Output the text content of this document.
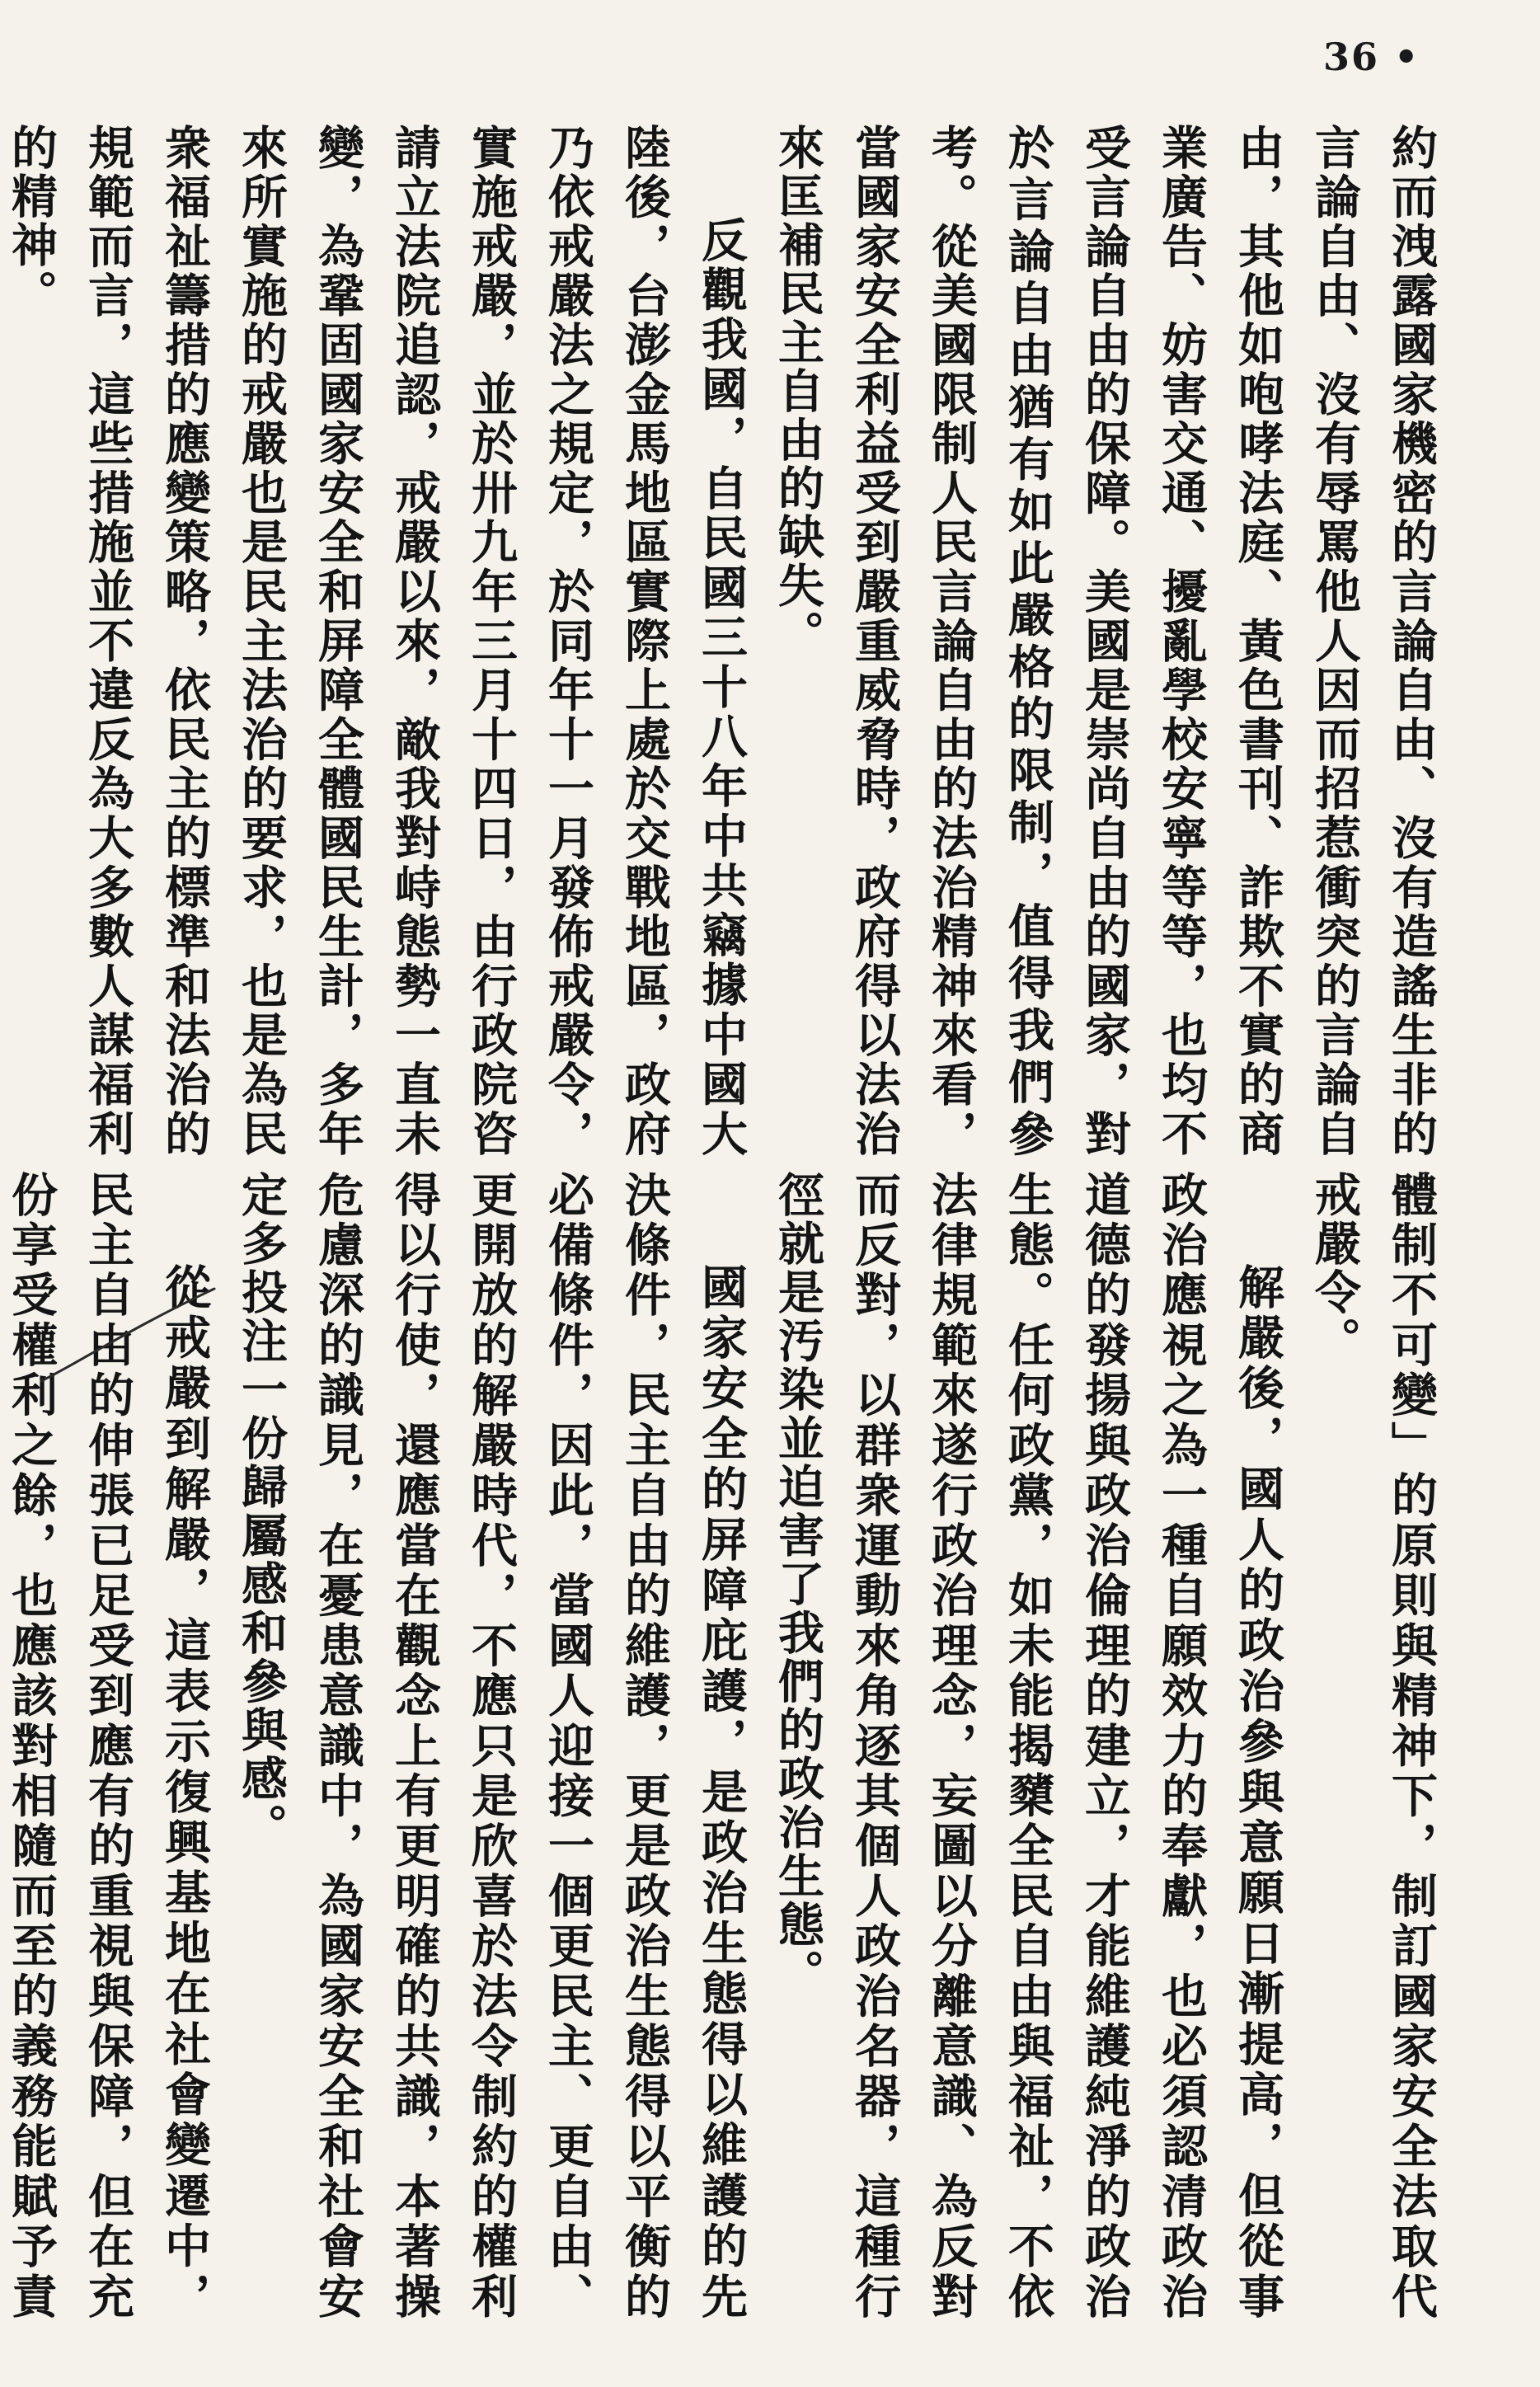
36 •

約而洩露國家機密的言論自由、沒有造謠生非的言論自由、沒有辱罵他人因而招惹衝突的言論自由，其他如咆哮法庭、黃色書刊、詐欺不實的商業廣告、妨害交通、擾亂學校安寧等等，也均不受言論自由的保障。美國是崇尚自由的國家，對於言論自由猶有如此嚴格的限制，值得我們參考。從美國限制人民言論自由的法治精神來看，當國家安全利益受到嚴重威脅時，政府得以法治來匡補民主自由的缺失。

反觀我國，自民國三十八年中共竊據中國大陸後，台澎金馬地區實際上處於交戰地區，政府乃依戒嚴法之規定，於同年十一月發佈戒嚴令，實施戒嚴，並於卅九年三月十四日，由行政院咨請立法院追認，戒嚴以來，敵我對峙態勢一直未變，為鞏固國家安全和屏障全體國民生計，多年來所實施的戒嚴也是民主法治的要求，也是為民衆福祉籌措的應變策略，依民主的標準和法治的規範而言，這些措施並不違反為大多數人謀福利的精神。

體制不可變」的原則與精神下，制訂國家安全法取代戒嚴令。

解嚴後，國人的政治參與意願日漸提高，但從事政治應視之為一種自願效力的奉獻，也必須認清政治道德的發揚與政治倫理的建立，才能維護純淨的政治生態。任何政黨，如未能揭櫫全民自由與福祉，不依法律規範來遂行政治理念，妄圖以分離意識、為反對而反對，以群衆運動來角逐其個人政治名器，這種行徑就是汚染並迫害了我們的政治生態。

國家安全的屏障庇護，是政治生態得以維護的先決條件，民主自由的維護，更是政治生態得以平衡的必備條件，因此，當國人迎接一個更民主、更自由、更開放的解嚴時代，不應只是欣喜於法令制約的權利得以行使，還應當在觀念上有更明確的共識，本著操危慮深的識見，在憂患意識中，為國家安全和社會安定多投注一份歸屬感和參與感。

從戒嚴到解嚴，這表示復興基地在社會變遷中，民主自由的伸張已足受到應有的重視與保障，但在充份享受權利之餘，也應該對相隨而至的義務能賦予責
